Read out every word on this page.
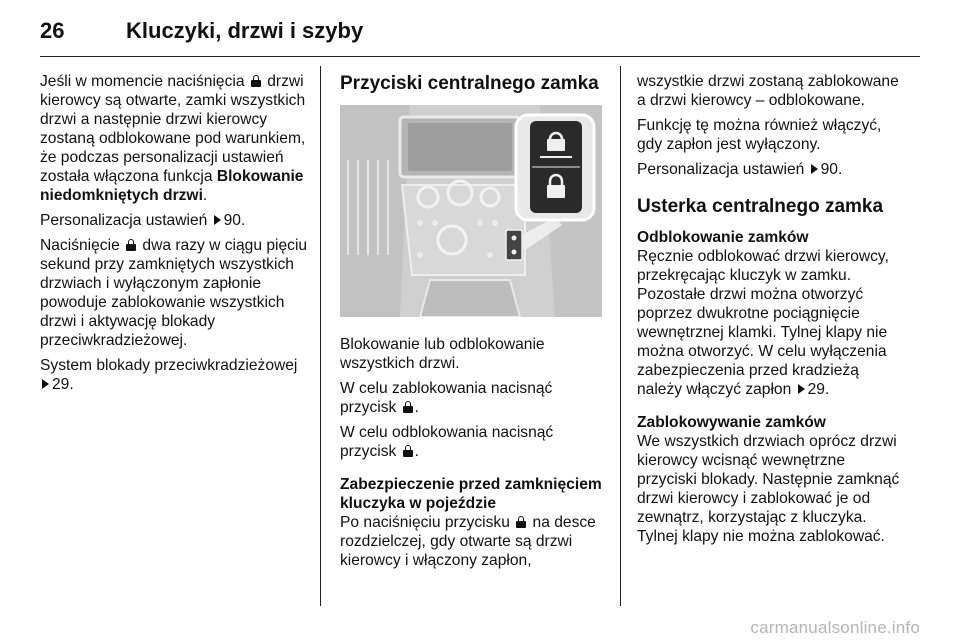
26	Kluczyki, drzwi i szyby

Jeśli w momencie naciśnięcia  drzwi kierowcy są otwarte, zamki wszystkich drzwi a następnie drzwi kierowcy zostaną odblokowane pod warunkiem, że podczas personalizacji ustawień została włączona funkcja Blokowanie niedomkniętych drzwi.

Personalizacja ustawień 90.

Naciśnięcie  dwa razy w ciągu pięciu sekund przy zamkniętych wszystkich drzwiach i wyłączonym zapłonie powoduje zablokowanie wszystkich drzwi i aktywację blokady przeciwkradzieżowej.

System blokady przeciwkradzieżowej 29.

Przyciski centralnego zamka

Blokowanie lub odblokowanie wszystkich drzwi.

W celu zablokowania nacisnąć przycisk .

W celu odblokowania nacisnąć przycisk .

Zabezpieczenie przed zamknięciem kluczyka w pojeździe

Po naciśnięciu przycisku  na desce rozdzielczej, gdy otwarte są drzwi kierowcy i włączony zapłon,

wszystkie drzwi zostaną zablokowane a drzwi kierowcy – odblokowane.

Funkcję tę można również włączyć, gdy zapłon jest wyłączony.

Personalizacja ustawień 90.

Usterka centralnego zamka
Odblokowanie zamków

Ręcznie odblokować drzwi kierowcy, przekręcając kluczyk w zamku. Pozostałe drzwi można otworzyć poprzez dwukrotne pociągnięcie wewnętrznej klamki. Tylnej klapy nie można otworzyć. W celu wyłączenia zabezpieczenia przed kradzieżą należy włączyć zapłon 29.

Zablokowywanie zamków

We wszystkich drzwiach oprócz drzwi kierowcy wcisnąć wewnętrzne przyciski blokady. Następnie zamknąć drzwi kierowcy i zablokować je od zewnątrz, korzystając z kluczyka. Tylnej klapy nie można zablokować.

carmanualsonline.info
